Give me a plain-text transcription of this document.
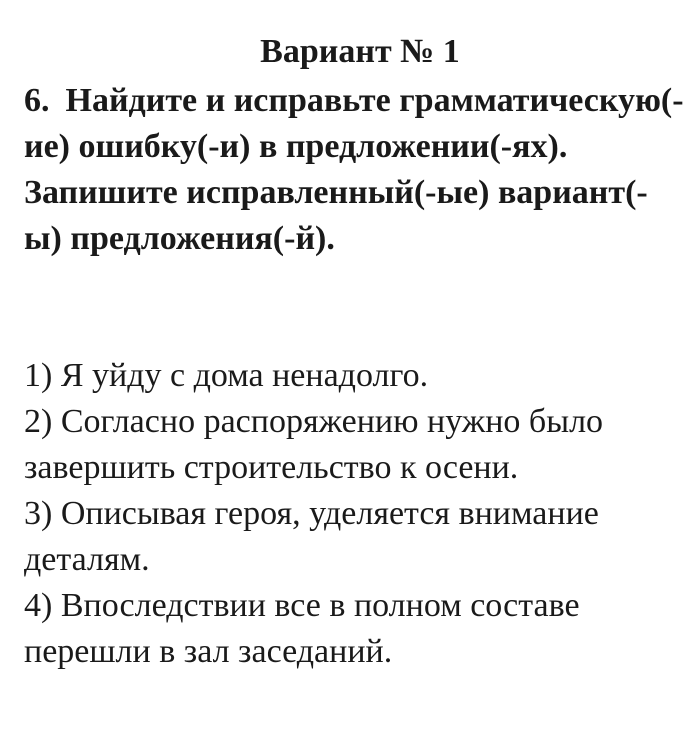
Вариант № 1

6. Найдите и исправьте грамматическую(-ие) ошибку(-и) в предложении(-ях). Запишите исправленный(-ые) вариант(-ы) предложения(-й).

1) Я уйду с дома ненадолго.
2) Согласно распоряжению нужно было завершить строительство к осени.
3) Описывая героя, уделяется внимание деталям.
4) Впоследствии все в полном составе перешли в зал заседаний.
